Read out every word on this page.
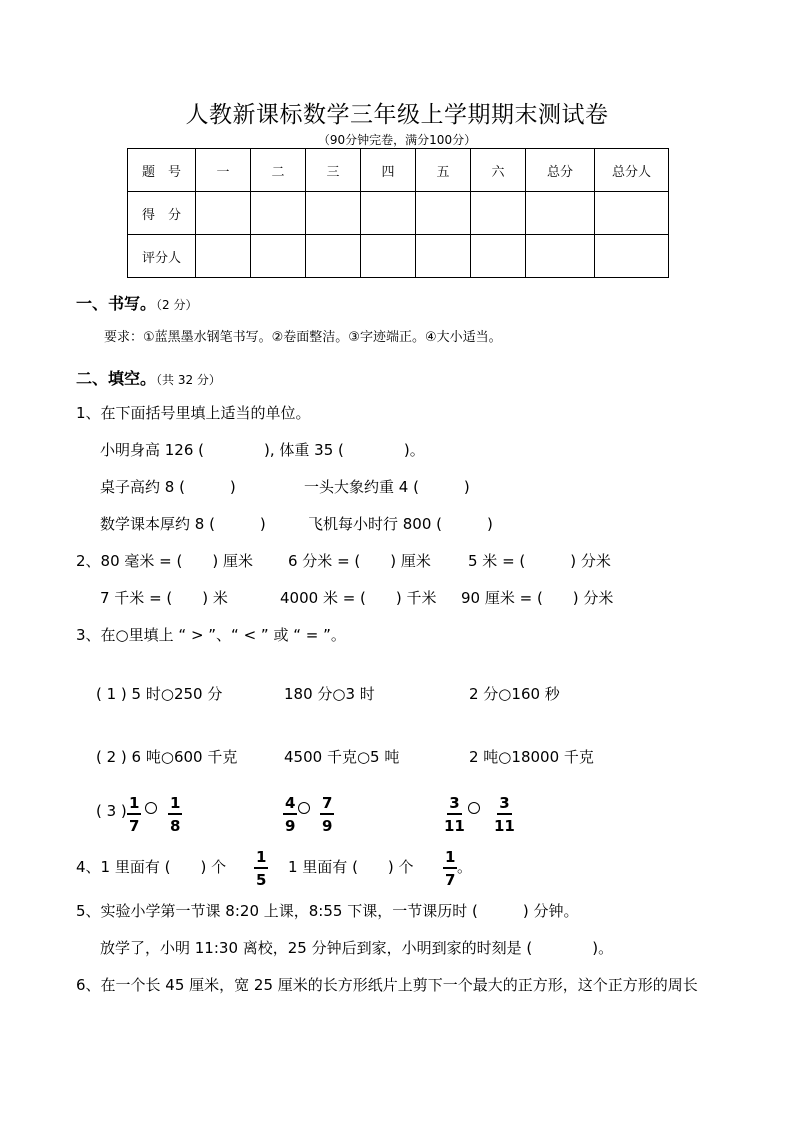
人教新课标数学三年级上学期期末测试卷
（90分钟完卷，满分100分）
题　号	一	二	三	四	五	六	总分	总分人
得　分								
评分人								
一、书写。（2 分）
要求：①蓝黑墨水钢笔书写。②卷面整洁。③字迹端正。④大小适当。
二、填空。（共 32 分）
1、在下面括号里填上适当的单位。
小明身高 126 (　　　　), 体重 35 (　　　　)。
桌子高约 8 (　　　)	一头大象约重 4 (　　　)
数学课本厚约 8 (　　　)	飞机每小时行 800 (　　　)
2、80 毫米 = (　　) 厘米 6 分米 = (　　) 厘米 5 米 = (　　　) 分米
7 千米 = (　　) 米	4000 米 = (　　) 千米 90 厘米 = (　　) 分米
3、在○里填上 “ > ”、“ < ” 或 “ = ”。
( 1 ) 5 时○250 分	180 分○3 时	2 分○160 秒
( 2 ) 6 吨○600 千克	4500 千克○5 吨	2 吨○18000 千克
( 3 ) $\frac{1}{7} \frac{1}{8}$	$\frac{4}{9} \frac{7}{9}$	$\frac{3}{11} \frac{3}{11}$
4、1 里面有 (　　) 个 $\frac{1}{5} 1$ 里面有 (　　) 个 $\frac{1}{7}$ 。
5、实验小学第一节课 8:20 上课，8:55 下课，一节课历时 (　　　) 分钟。
放学了，小明 11:30 离校，25 分钟后到家，小明到家的时刻是 (　　　　)。
6、在一个长 45 厘米，宽 25 厘米的长方形纸片上剪下一个最大的正方形，这个正方形的周长
